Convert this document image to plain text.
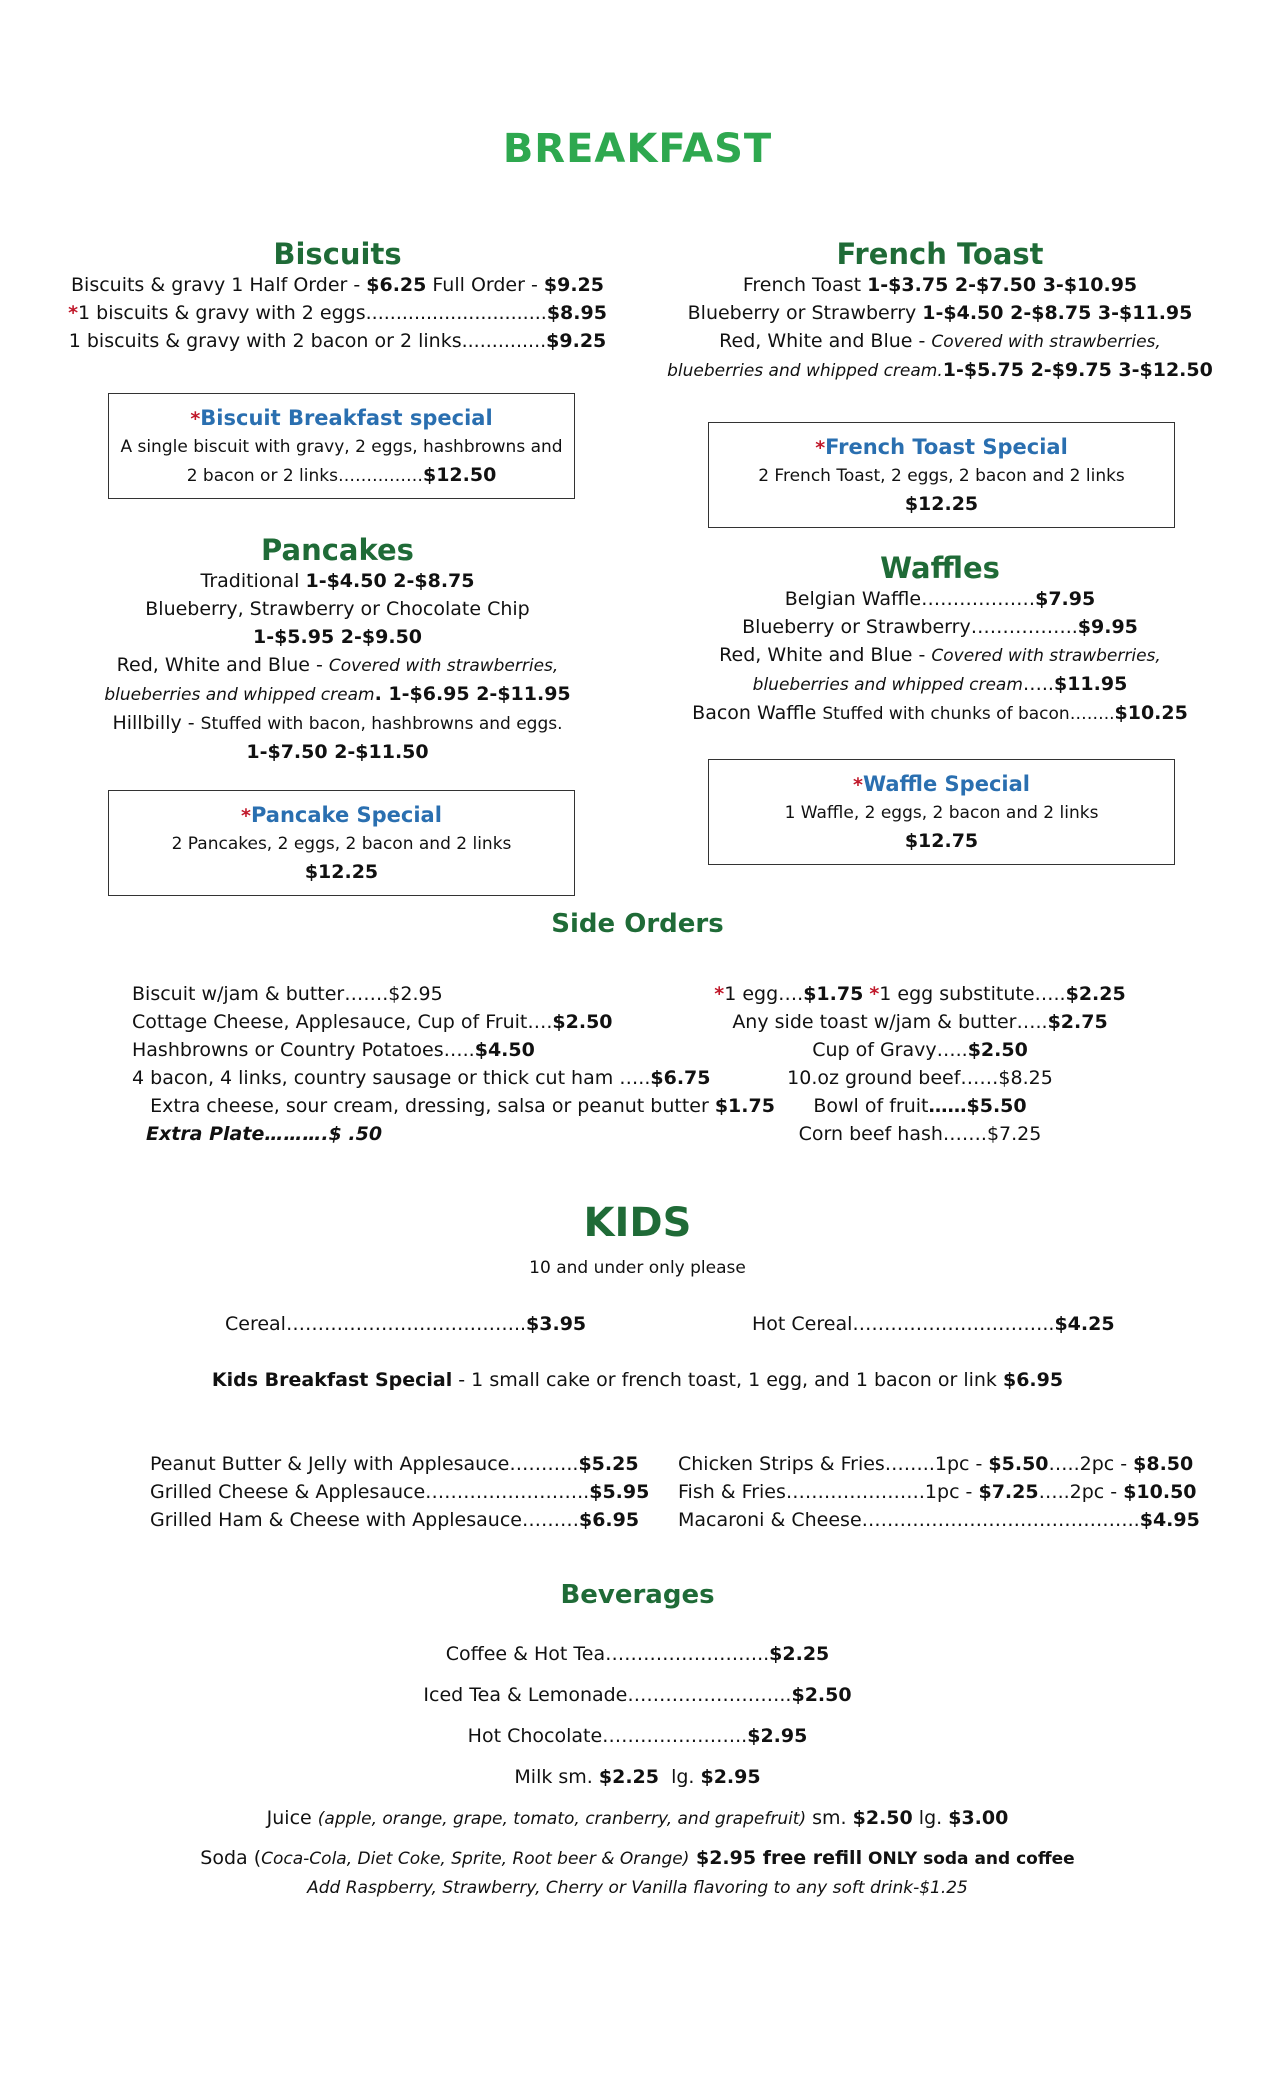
BREAKFAST
Biscuits
Biscuits & gravy 1 Half Order - $6.25 Full Order - $9.25
*1 biscuits & gravy with 2 eggs..............................$8.95
1 biscuits & gravy with 2 bacon or 2 links..............$9.25
*Biscuit Breakfast special
A single biscuit with gravy, 2 eggs, hashbrowns and
2 bacon or 2 links……………$12.50
French Toast
French Toast 1-$3.75 2-$7.50 3-$10.95
Blueberry or Strawberry 1-$4.50 2-$8.75 3-$11.95
Red, White and Blue - Covered with strawberries,
blueberries and whipped cream.1-$5.75 2-$9.75 3-$12.50
*French Toast Special
2 French Toast, 2 eggs, 2 bacon and 2 links
$12.25
Pancakes
Traditional 1-$4.50 2-$8.75
Blueberry, Strawberry or Chocolate Chip
1-$5.95 2-$9.50
Red, White and Blue - Covered with strawberries,
blueberries and whipped cream. 1-$6.95 2-$11.95
Hillbilly - Stuffed with bacon, hashbrowns and eggs.
1-$7.50 2-$11.50
*Pancake Special
2 Pancakes, 2 eggs, 2 bacon and 2 links
$12.25
Waffles
Belgian Waffle………………$7.95
Blueberry or Strawberry……………..$9.95
Red, White and Blue - Covered with strawberries,
blueberries and whipped cream…..$11.95
Bacon Waffle Stuffed with chunks of bacon……..$10.25
*Waffle Special
1 Waffle, 2 eggs, 2 bacon and 2 links
$12.75
Side Orders
Biscuit w/jam & butter…….$2.95
Cottage Cheese, Applesauce, Cup of Fruit….$2.50
Hashbrowns or Country Potatoes…..$4.50
4 bacon, 4 links, country sausage or thick cut ham …..$6.75
Extra cheese, sour cream, dressing, salsa or peanut butter $1.75
Extra Plate……….$ .50
*1 egg….$1.75 *1 egg substitute…..$2.25
Any side toast w/jam & butter…..$2.75
Cup of Gravy…..$2.50
10.oz ground beef……$8.25
Bowl of fruit……$5.50
Corn beef hash…….$7.25
KIDS
10 and under only please
Cereal………………………………..$3.95	Hot Cereal…………………………..$4.25
Kids Breakfast Special - 1 small cake or french toast, 1 egg, and 1 bacon or link $6.95
Peanut Butter & Jelly with Applesauce………..$5.25
Grilled Cheese & Applesauce……………………..$5.95
Grilled Ham & Cheese with Applesauce………$6.95
Chicken Strips & Fries……..1pc - $5.50…..2pc - $8.50
Fish & Fries………………….1pc - $7.25…..2pc - $10.50
Macaroni & Cheese……………………………………..$4.95
Beverages
Coffee & Hot Tea……………………..$2.25
Iced Tea & Lemonade……………………..$2.50
Hot Chocolate…………………..$2.95
Milk sm. $2.25  lg. $2.95
Juice (apple, orange, grape, tomato, cranberry, and grapefruit) sm. $2.50 lg. $3.00
Soda (Coca-Cola, Diet Coke, Sprite, Root beer & Orange) $2.95 free refill ONLY soda and coffee
Add Raspberry, Strawberry, Cherry or Vanilla flavoring to any soft drink-$1.25
